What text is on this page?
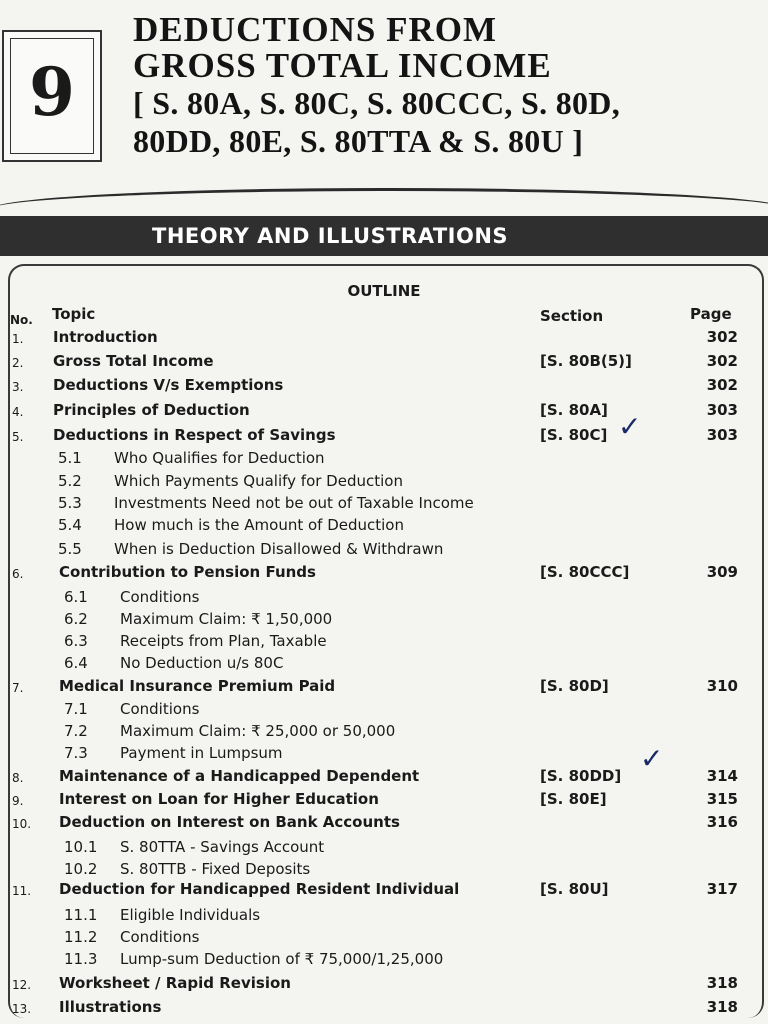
9
DEDUCTIONS FROM
GROSS TOTAL INCOME
[ S. 80A, S. 80C, S. 80CCC, S. 80D,
80DD, 80E, S. 80TTA & S. 80U ]
THEORY AND ILLUSTRATIONS
OUTLINE
No. Topic	Section	Page
1. Introduction	302
2. Gross Total Income	[S. 80B(5)]	302
3. Deductions V/s Exemptions	302
4. Principles of Deduction	[S. 80A]	303
5. Deductions in Respect of Savings	[S. 80C]	303
5.1 Who Qualifies for Deduction
5.2 Which Payments Qualify for Deduction
5.3 Investments Need not be out of Taxable Income
5.4 How much is the Amount of Deduction
5.5 When is Deduction Disallowed & Withdrawn
6. Contribution to Pension Funds	[S. 80CCC]	309
6.1 Conditions
6.2 Maximum Claim: ₹ 1,50,000
6.3 Receipts from Plan, Taxable
6.4 No Deduction u/s 80C
7. Medical Insurance Premium Paid	[S. 80D]	310
7.1 Conditions
7.2 Maximum Claim: ₹ 25,000 or 50,000
7.3 Payment in Lumpsum
8. Maintenance of a Handicapped Dependent	[S. 80DD]	314
9. Interest on Loan for Higher Education	[S. 80E]	315
10. Deduction on Interest on Bank Accounts	316
10.1 S. 80TTA - Savings Account
10.2 S. 80TTB - Fixed Deposits
11. Deduction for Handicapped Resident Individual	[S. 80U]	317
11.1 Eligible Individuals
11.2 Conditions
11.3 Lump-sum Deduction of ₹ 75,000/1,25,000
12. Worksheet / Rapid Revision	318
13. Illustrations	318
✓
✓
